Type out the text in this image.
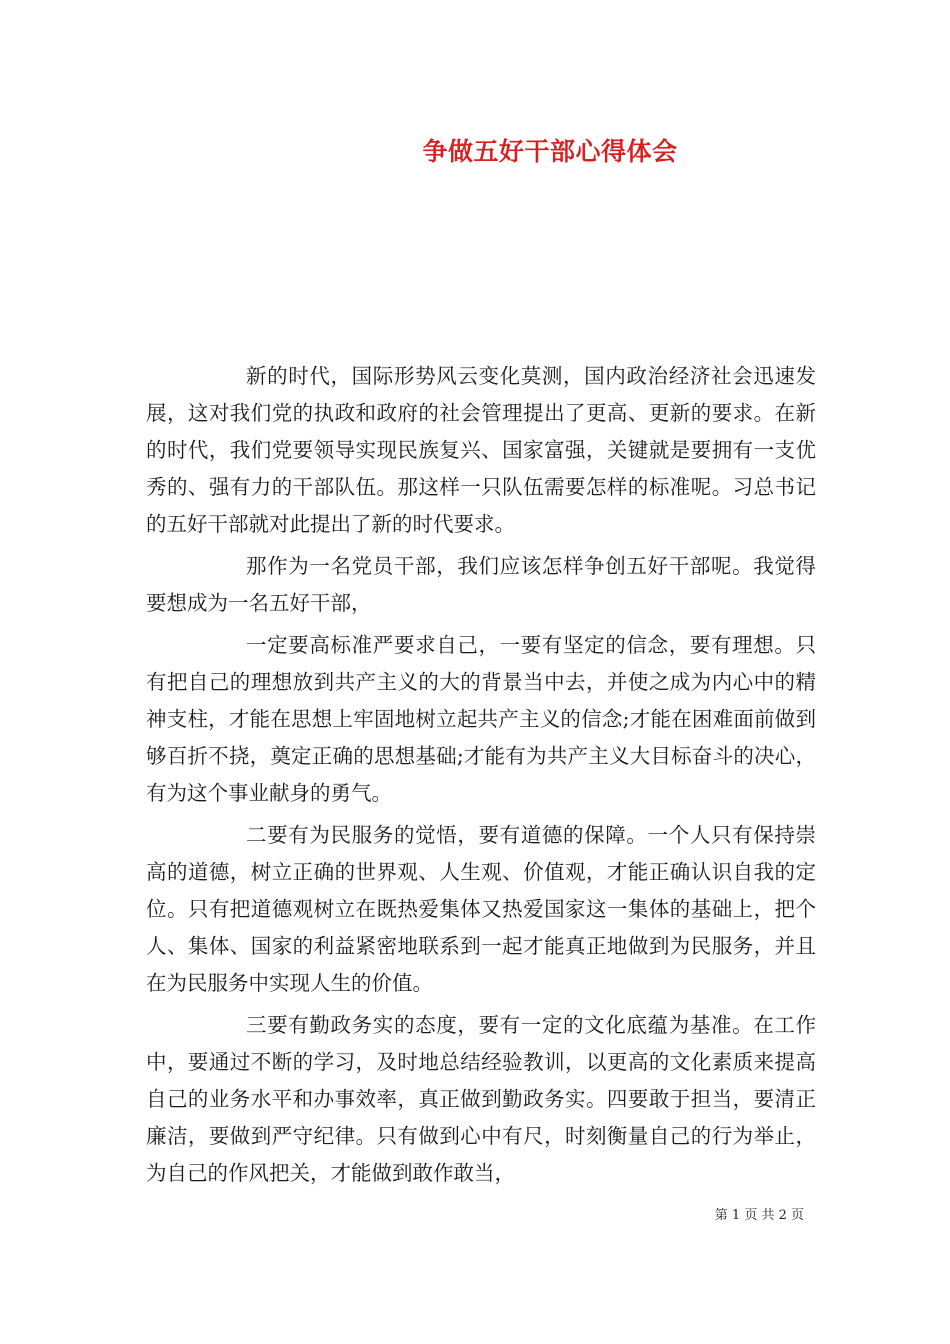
争做五好干部心得体会

新的时代，国际形势风云变化莫测，国内政治经济社会迅速发展，这对我们党的执政和政府的社会管理提出了更高、更新的要求。在新的时代，我们党要领导实现民族复兴、国家富强，关键就是要拥有一支优秀的、强有力的干部队伍。那这样一只队伍需要怎样的标准呢。习总书记的五好干部就对此提出了新的时代要求。

那作为一名党员干部，我们应该怎样争创五好干部呢。我觉得要想成为一名五好干部，

一定要高标准严要求自己，一要有坚定的信念，要有理想。只有把自己的理想放到共产主义的大的背景当中去，并使之成为内心中的精神支柱，才能在思想上牢固地树立起共产主义的信念;才能在困难面前做到够百折不挠，奠定正确的思想基础;才能有为共产主义大目标奋斗的决心，有为这个事业献身的勇气。

二要有为民服务的觉悟，要有道德的保障。一个人只有保持崇高的道德，树立正确的世界观、人生观、价值观，才能正确认识自我的定位。只有把道德观树立在既热爱集体又热爱国家这一集体的基础上，把个人、集体、国家的利益紧密地联系到一起才能真正地做到为民服务，并且在为民服务中实现人生的价值。

三要有勤政务实的态度，要有一定的文化底蕴为基准。在工作中，要通过不断的学习，及时地总结经验教训，以更高的文化素质来提高自己的业务水平和办事效率，真正做到勤政务实。四要敢于担当，要清正廉洁，要做到严守纪律。只有做到心中有尺，时刻衡量自己的行为举止，为自己的作风把关，才能做到敢作敢当，

第 1 页 共 2 页
